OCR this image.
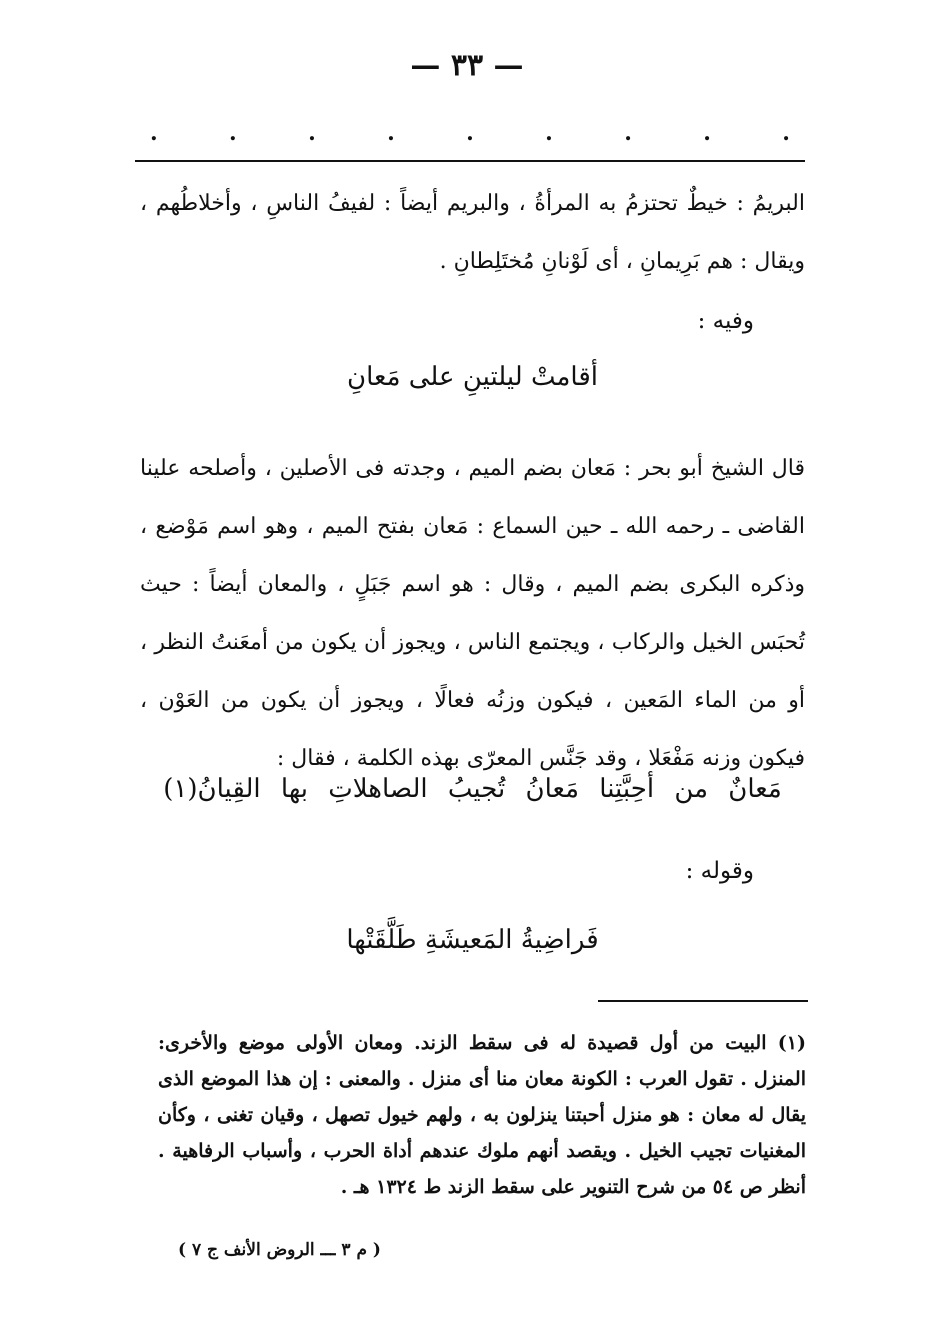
— ٣٣ —
.	.	.	.	.	.	.	.	.

البريمُ : خيطٌ تحتزمُ به المرأةُ ، والبريم أيضاً : لفيفُ الناسِ ، وأخلاطُهم ، ويقال : هم بَرِيمانِ ، أى لَوْنانِ مُختَلِطانِ .

وفيه :

أقامتْ ليلتينِ على مَعانِ

قال الشيخ أبو بحر : مَعان بضم الميم ، وجدته فى الأصلين ، وأصلحه علينا القاضى ـ رحمه الله ـ حين السماع : مَعان بفتح الميم ، وهو اسم مَوْضع ، وذكره البكرى بضم الميم ، وقال : هو اسم جَبَلٍ ، والمعان أيضاً : حيث تُحبَس الخيل والركاب ، ويجتمع الناس ، ويجوز أن يكون من أمعَنتُ النظر ، أو من الماء المَعين ، فيكون وزنُه فعالًا ، ويجوز أن يكون من العَوْن ، فيكون وزنه مَفْعَلا ، وقد جَنَّس المعرّى بهذه الكلمة ، فقال :

مَعانٌ من أحِبَّتِنا مَعانُ تُجيبُ الصاهلاتِ بها القِيانُ(١)

وقوله :

فَراضِيةُ المَعيشَةِ طَلَّقَتْها

(١) البيت من أول قصيدة له فى سقط الزند. ومعان الأولى موضع والأخرى: المنزل . تقول العرب : الكونة معان منا أى منزل . والمعنى : إن هذا الموضع الذى يقال له معان : هو منزل أحبتنا ينزلون به ، ولهم خيول تصهل ، وقيان تغنى ، وكأن المغنيات تجيب الخيل . ويقصد أنهم ملوك عندهم أداة الحرب ، وأسباب الرفاهية . أنظر ص ٥٤ من شرح التنوير على سقط الزند ط ١٣٢٤ هـ .

( م ٣ ـــ الروض الأنف ج ٧ )
